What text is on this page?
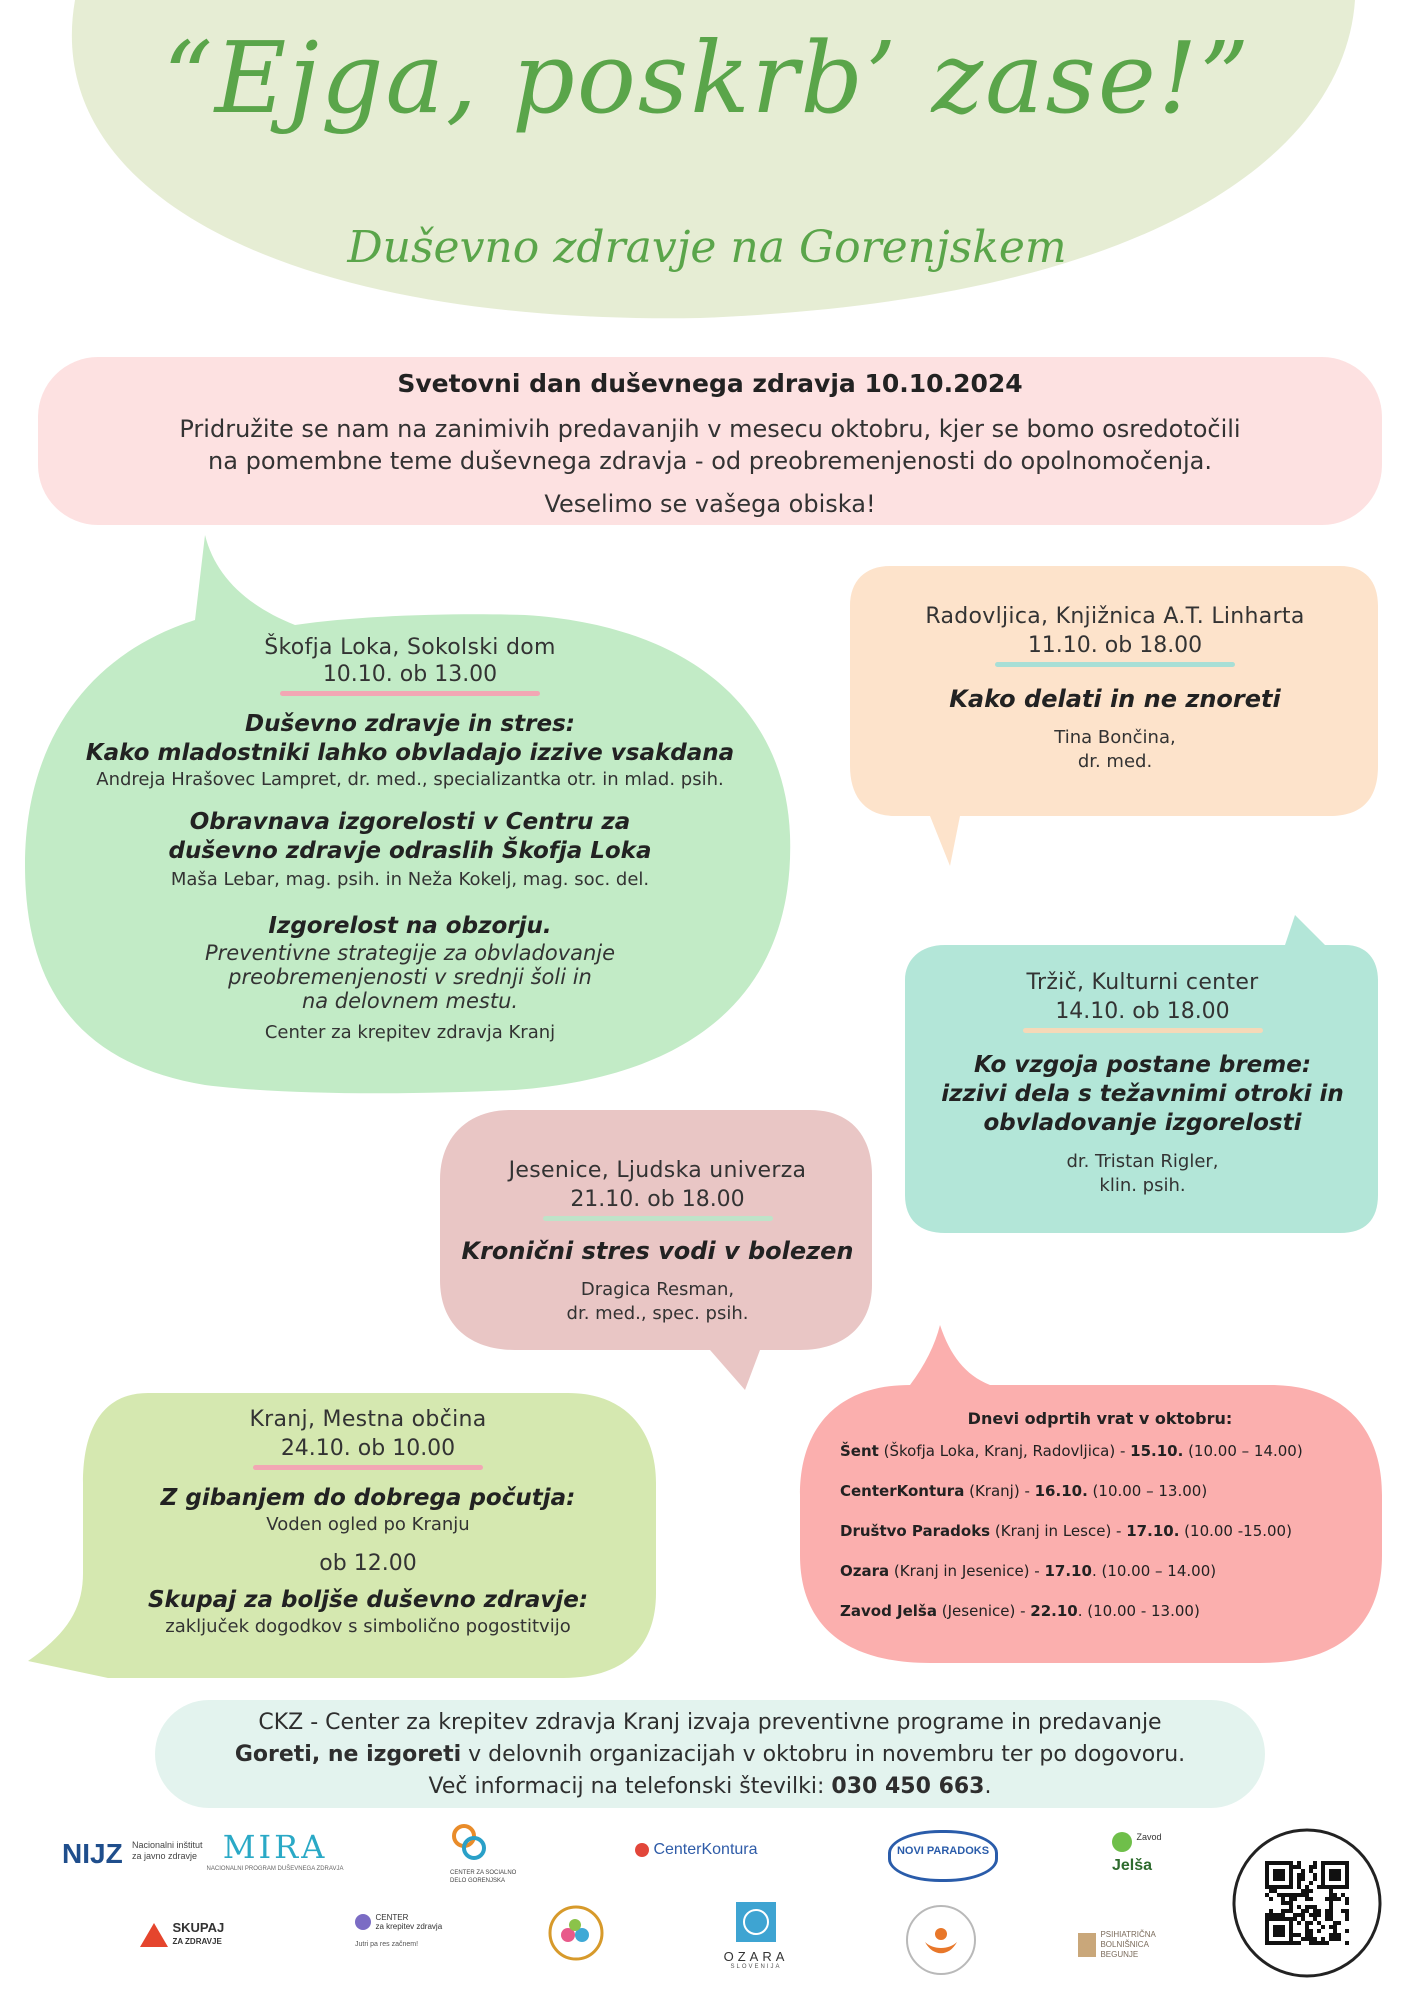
“Ejga, poskrb’ zase!”
Duševno zdravje na Gorenjskem
Svetovni dan duševnega zdravja 10.10.2024
Pridružite se nam na zanimivih predavanjih v mesecu oktobru, kjer se bomo osredotočili
na pomembne teme duševnega zdravja - od preobremenjenosti do opolnomočenja.
Veselimo se vašega obiska!
Škofja Loka, Sokolski dom
10.10. ob 13.00
Duševno zdravje in stres:
Kako mladostniki lahko obvladajo izzive vsakdana
Andreja Hrašovec Lampret, dr. med., specializantka otr. in mlad. psih.
Obravnava izgorelosti v Centru za
duševno zdravje odraslih Škofja Loka
Maša Lebar, mag. psih. in Neža Kokelj, mag. soc. del.
Izgorelost na obzorju.
Preventivne strategije za obvladovanje
preobremenjenosti v srednji šoli in
na delovnem mestu.
Center za krepitev zdravja Kranj
Radovljica, Knjižnica A.T. Linharta
11.10. ob 18.00
Kako delati in ne znoreti
Tina Bončina,
dr. med.
Tržič, Kulturni center
14.10. ob 18.00
Ko vzgoja postane breme:
izzivi dela s težavnimi otroki in
obvladovanje izgorelosti
dr. Tristan Rigler,
klin. psih.
Jesenice, Ljudska univerza
21.10. ob 18.00
Kronični stres vodi v bolezen
Dragica Resman,
dr. med., spec. psih.
Kranj, Mestna občina
24.10. ob 10.00
Z gibanjem do dobrega počutja:
Voden ogled po Kranju
ob 12.00
Skupaj za boljše duševno zdravje:
zaključek dogodkov s simbolično pogostitvijo
Dnevi odprtih vrat v oktobru:
Šent (Škofja Loka, Kranj, Radovljica) - 15.10. (10.00 – 14.00)
CenterKontura (Kranj) - 16.10. (10.00 – 13.00)
Društvo Paradoks (Kranj in Lesce) - 17.10. (10.00 -15.00)
Ozara (Kranj in Jesenice) - 17.10. (10.00 – 14.00)
Zavod Jelša (Jesenice) - 22.10. (10.00 - 13.00)
CKZ - Center za krepitev zdravja Kranj izvaja preventivne programe in predavanje
Goreti, ne izgoreti v delovnih organizacijah v oktobru in novembru ter po dogovoru.
Več informacij na telefonski številki: 030 450 663.
NIJZ Nacionalni inštitut
za javno zdravje MIRA
NACIONALNI PROGRAM DUŠEVNEGA ZDRAVJA
CENTER ZA SOCIALNO DELO GORENJSKA
CenterKontura	NOVI PARADOKS
$^{Zavod}$
Jelša
SKUPAJ
ZA ZDRAVJE
CENTER
za krepitev zdravja
Jutri pa res začnem!
OZARA
SLOVENIJA
PSIHIATRIČNA
BOLNIŠNICA
BEGUNJE
